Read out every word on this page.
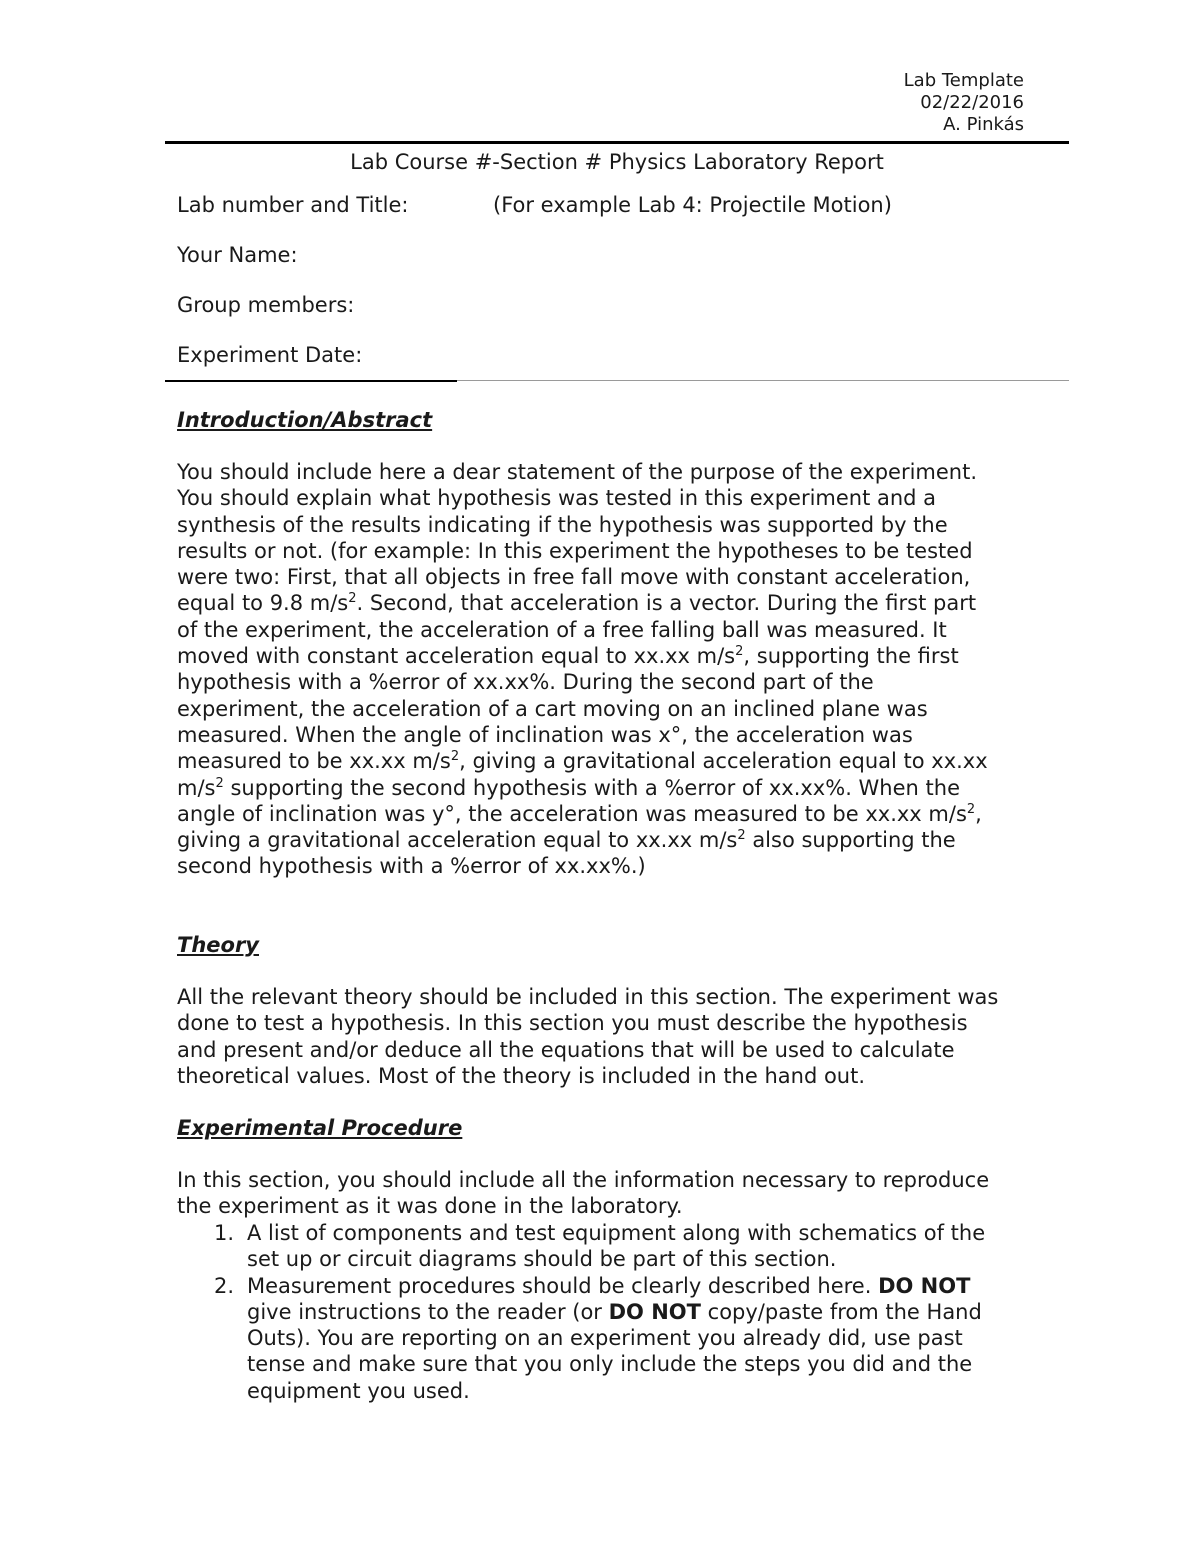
Lab Template
02/22/2016
A. Pinkás
Lab Course #-Section # Physics Laboratory Report
Lab number and Title:	(For example Lab 4: Projectile Motion)
Your Name:
Group members:
Experiment Date:
Introduction/Abstract
You should include here a dear statement of the purpose of the experiment.
You should explain what hypothesis was tested in this experiment and a
synthesis of the results indicating if the hypothesis was supported by the
results or not. (for example: In this experiment the hypotheses to be tested
were two: First, that all objects in free fall move with constant acceleration,
equal to 9.8 $m/s^2$. Second, that acceleration is a vector. During the first part
of the experiment, the acceleration of a free falling ball was measured. It
moved with constant acceleration equal to xx.xx $m/s^2$, supporting the first
hypothesis with a %error of xx.xx%. During the second part of the
experiment, the acceleration of a cart moving on an inclined plane was
measured. When the angle of inclination was x°, the acceleration was
measured to be xx.xx $m/s^2$, giving a gravitational acceleration equal to xx.xx
$m/s^2$ supporting the second hypothesis with a %error of xx.xx%. When the
angle of inclination was y°, the acceleration was measured to be xx.xx $m/s^2$,
giving a gravitational acceleration equal to xx.xx $m/s^2$ also supporting the
second hypothesis with a %error of xx.xx%.)
Theory
All the relevant theory should be included in this section. The experiment was
done to test a hypothesis. In this section you must describe the hypothesis
and present and/or deduce all the equations that will be used to calculate
theoretical values. Most of the theory is included in the hand out.
Experimental Procedure
In this section, you should include all the information necessary to reproduce
the experiment as it was done in the laboratory.
1. A list of components and test equipment along with schematics of the
set up or circuit diagrams should be part of this section.
2. Measurement procedures should be clearly described here. DO NOT
give instructions to the reader (or DO NOT copy/paste from the Hand
Outs). You are reporting on an experiment you already did, use past
tense and make sure that you only include the steps you did and the
equipment you used.
